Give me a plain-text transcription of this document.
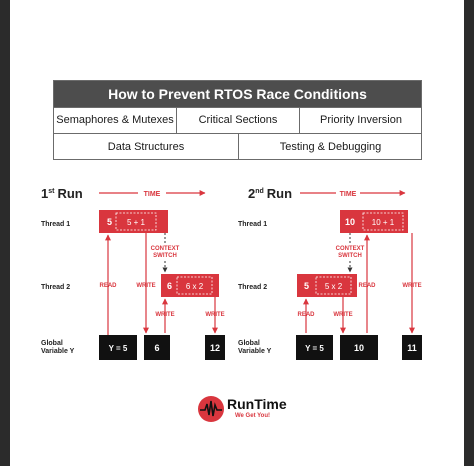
How to Prevent RTOS Race Conditions
Semaphores & Mutexes	Critical Sections	Priority Inversion
Data Structures	Testing & Debugging
Thread 1
Thread 2
Global
Variable Y
Thread 1
Thread 2
Global
Variable Y
1st Run	TIME
5 5 + 1
CONTEXT
SWITCH
6 6 x 2
READ	WRITE
WRITE	WRITE
Y = 5	6	12
2nd Run	TIME
10 10 + 1
CONTEXT
SWITCH
5 5 x 2
READ	WRITE
READ	WRITE
Y = 5	10	11
RunTime
We Get You!
